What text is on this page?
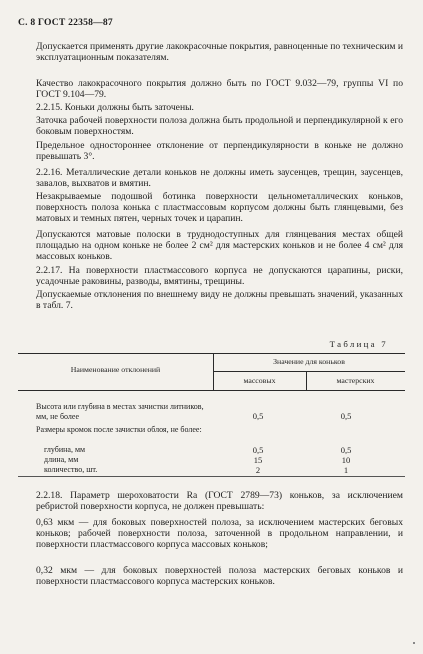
С. 8 ГОСТ 22358—87

Допускается применять другие лакокрасочные покрытия, равноценные по техническим и эксплуатационным показателям.

Качество лакокрасочного покрытия должно быть по ГОСТ 9.032—79, группы VI по ГОСТ 9.104—79.

2.2.15. Коньки должны быть заточены.

Заточка рабочей поверхности полоза должна быть продольной и перпендикулярной к его боковым поверхностям.

Предельное одностороннее отклонение от перпендикулярности в коньке не должно превышать 3°.

2.2.16. Металлические детали коньков не должны иметь заусенцев, трещин, заусенцев, завалов, выхватов и вмятин.

Незакрываемые подошвой ботинка поверхности цельнометаллических коньков, поверхность полоза конька с пластмассовым корпусом должны быть глянцевыми, без матовых и темных пятен, черных точек и царапин.

Допускаются матовые полоски в труднодоступных для глянцевания местах общей площадью на одном коньке не более 2 см² для мастерских коньков и не более 4 см² для массовых коньков.

2.2.17. На поверхности пластмассового корпуса не допускаются царапины, риски, усадочные раковины, разводы, вмятины, трещины.

Допускаемые отклонения по внешнему виду не должны превышать значений, указанных в табл. 7.

Таблица 7
Наименование отклонений
Значение для коньков
массовых	мастерских
Высота или глубина в местах зачистки литников, мм, не более	0,5	0,5
Размеры кромок после зачистки облоя, не более:
глубина, мм	0,5	0,5
длина, мм	15	10
количество, шт.	2	1

2.2.18. Параметр шероховатости Ra (ГОСТ 2789—73) коньков, за исключением ребристой поверхности корпуса, не должен превышать:

0,63 мкм — для боковых поверхностей полоза, за исключением мастерских беговых коньков; рабочей поверхности полоза, заточенной в продольном направлении, и поверхности пластмассового корпуса массовых коньков;

0,32 мкм — для боковых поверхностей полоза мастерских беговых коньков и поверхности пластмассового корпуса мастерских коньков.
